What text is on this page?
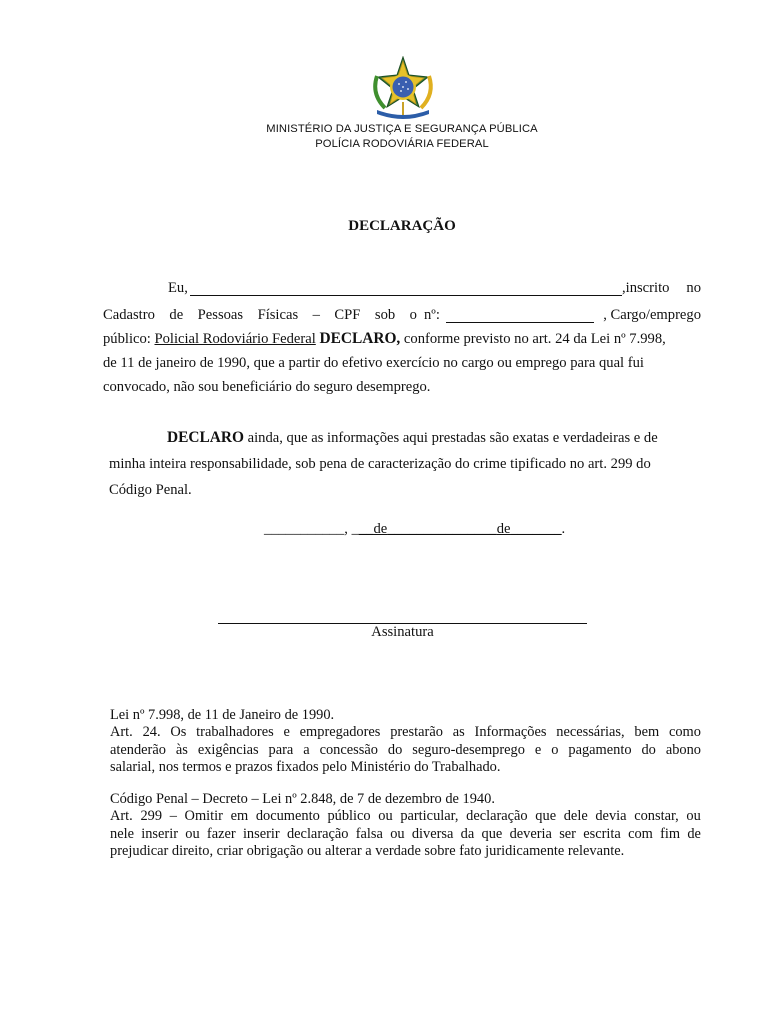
MINISTÉRIO DA JUSTIÇA E SEGURANÇA PÚBLICA
POLÍCIA RODOVIÁRIA FEDERAL
DECLARAÇÃO
Eu,	,inscrito no
Cadastro de Pessoas Físicas – CPF sob o nº:	, Cargo/emprego
público: Policial Rodoviário Federal DECLARO, conforme previsto no art. 24 da Lei nº 7.998,
de 11 de janeiro de 1990, que a partir do efetivo exercício no cargo ou emprego para qual fui
convocado, não sou beneficiário do seguro desemprego.
DECLARO ainda, que as informações aqui prestadas são exatas e verdadeiras e de
minha inteira responsabilidade, sob pena de caracterização do crime tipificado no art. 299 do
Código Penal.
___________, ___de_______________de_______.
Assinatura
Lei nº 7.998, de 11 de Janeiro de 1990.
Art. 24. Os trabalhadores e empregadores prestarão as Informações necessárias, bem como
atenderão às exigências para a concessão do seguro-desemprego e o pagamento do abono
salarial, nos termos e prazos fixados pelo Ministério do Trabalhado.
Código Penal – Decreto – Lei nº 2.848, de 7 de dezembro de 1940.
Art. 299 – Omitir em documento público ou particular, declaração que dele devia constar, ou
nele inserir ou fazer inserir declaração falsa ou diversa da que deveria ser escrita com fim de
prejudicar direito, criar obrigação ou alterar a verdade sobre fato juridicamente relevante.
